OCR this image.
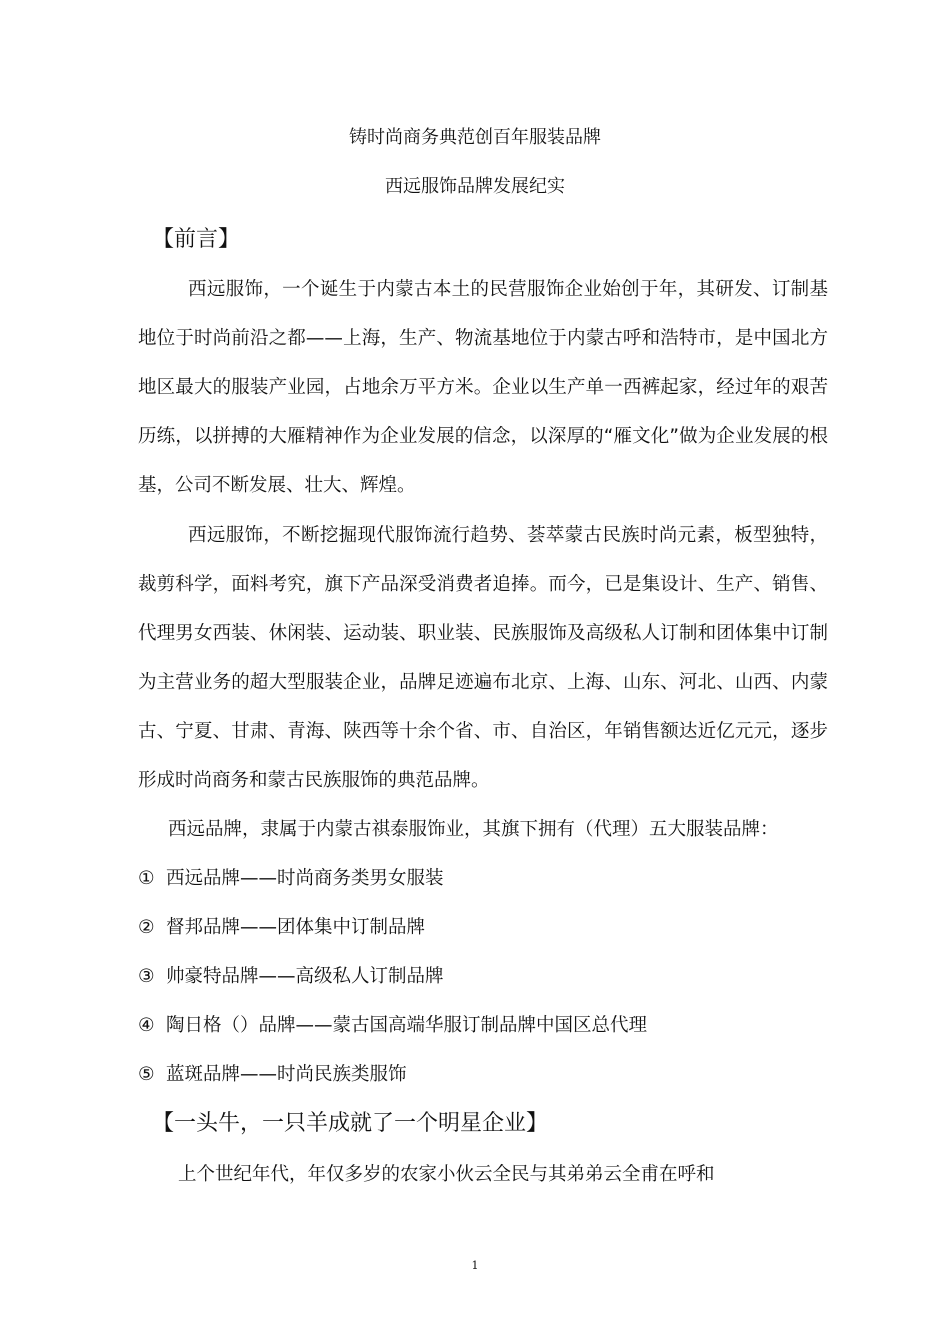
铸时尚商务典范创百年服装品牌
西远服饰品牌发展纪实
【前言】
西远服饰，一个诞生于内蒙古本土的民营服饰企业始创于年，其研发、订制基地位于时尚前沿之都——上海，生产、物流基地位于内蒙古呼和浩特市，是中国北方地区最大的服装产业园，占地余万平方米。企业以生产单一西裤起家，经过年的艰苦历练，以拼搏的大雁精神作为企业发展的信念，以深厚的“雁文化”做为企业发展的根基，公司不断发展、壮大、辉煌。
西远服饰，不断挖掘现代服饰流行趋势、荟萃蒙古民族时尚元素，板型独特，裁剪科学，面料考究，旗下产品深受消费者追捧。而今，已是集设计、生产、销售、代理男女西装、休闲装、运动装、职业装、民族服饰及高级私人订制和团体集中订制为主营业务的超大型服装企业，品牌足迹遍布北京、上海、山东、河北、山西、内蒙古、宁夏、甘肃、青海、陕西等十余个省、市、自治区，年销售额达近亿元元，逐步形成时尚商务和蒙古民族服饰的典范品牌。
西远品牌，隶属于内蒙古祺泰服饰业，其旗下拥有（代理）五大服装品牌：
① 西远品牌——时尚商务类男女服装
② 督邦品牌——团体集中订制品牌
③ 帅豪特品牌——高级私人订制品牌
④ 陶日格（）品牌——蒙古国高端华服订制品牌中国区总代理
⑤ 蓝斑品牌——时尚民族类服饰
【一头牛，一只羊成就了一个明星企业】
上个世纪年代，年仅多岁的农家小伙云全民与其弟弟云全甫在呼和
1
